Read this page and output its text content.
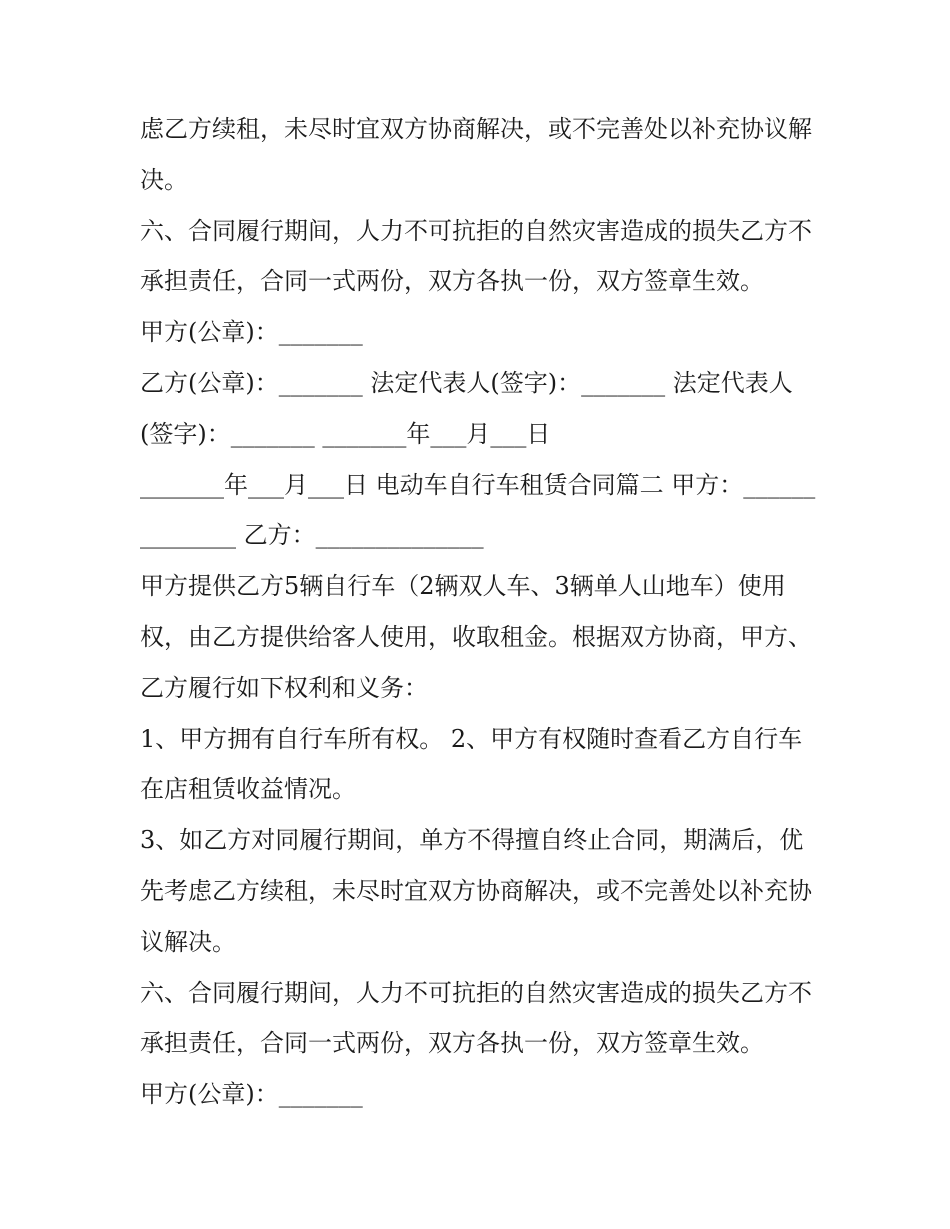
虑乙方续租，未尽时宜双方协商解决，或不完善处以补充协议解决。

六、合同履行期间，人力不可抗拒的自然灾害造成的损失乙方不承担责任，合同一式两份，双方各执一份，双方签章生效。

甲方(公章)：_______

乙方(公章)：_______ 法定代表人(签字)：_______ 法定代表人(签字)：_______ _______年___月___日

_______年___月___日 电动车自行车租赁合同篇二 甲方：______________ 乙方：______________

甲方提供乙方5辆自行车（2辆双人车、3辆单人山地车）使用权，由乙方提供给客人使用，收取租金。根据双方协商，甲方、乙方履行如下权利和义务：

1、甲方拥有自行车所有权。 2、甲方有权随时查看乙方自行车在店租赁收益情况。

3、如乙方对同履行期间，单方不得擅自终止合同，期满后，优先考虑乙方续租，未尽时宜双方协商解决，或不完善处以补充协议解决。

六、合同履行期间，人力不可抗拒的自然灾害造成的损失乙方不承担责任，合同一式两份，双方各执一份，双方签章生效。

甲方(公章)：_______
